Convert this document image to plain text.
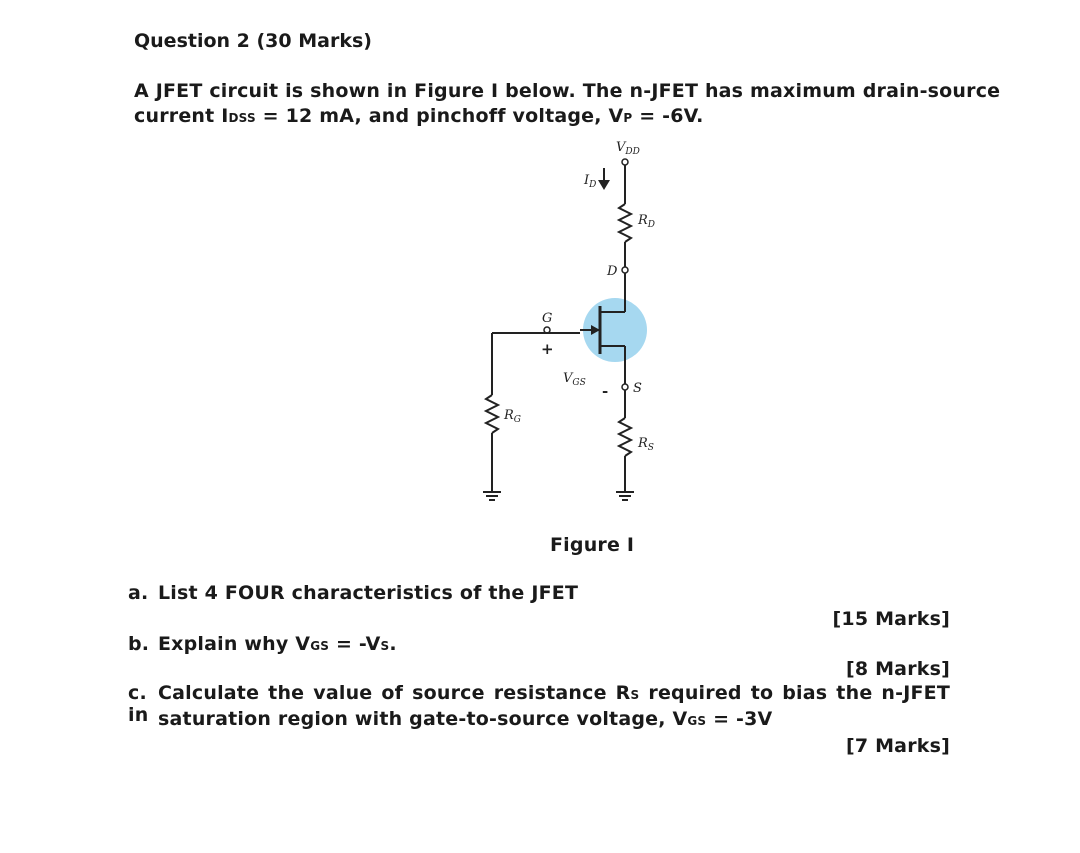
Question 2 (30 Marks)
A JFET circuit is shown in Figure I below. The n-JFET has maximum drain-source
current IDSS = 12 mA, and pinchoff voltage, VP = -6V.
$V_{DD}$
$I_D$
$R_D$
D
G
+
$V_{GS}$ - S
$R_S$
$R_G$
Figure I
a. List 4 FOUR characteristics of the JFET
[15 Marks]
b. Explain why VGS = -VS.
[8 Marks]
c. Calculate the value of source resistance RS required to bias the n-JFET in saturation region with gate-to-source voltage, VGS = -3V
[7 Marks]
